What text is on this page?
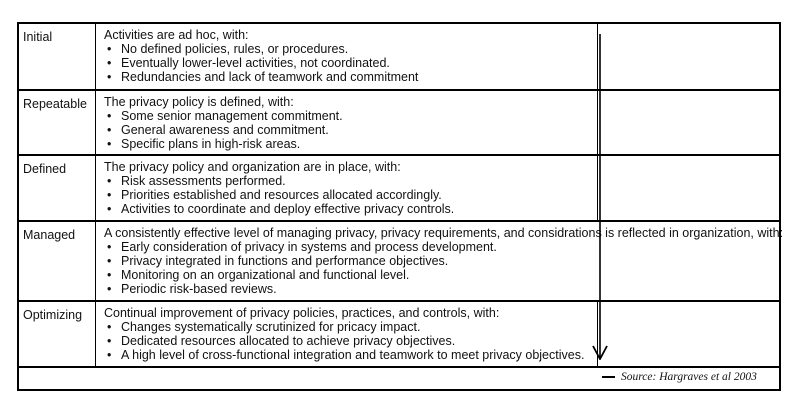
Initial	Activities are ad hoc, with:
• No defined policies, rules, or procedures.
• Eventually lower-level activities, not coordinated.
• Redundancies and lack of teamwork and commitment
Repeatable The privacy policy is defined, with:
• Some senior management commitment.
• General awareness and commitment.
• Specific plans in high-risk areas.
Defined	The privacy policy and organization are in place, with:
• Risk assessments performed.
• Priorities established and resources allocated accordingly.
• Activities to coordinate and deploy effective privacy controls.
Managed A consistently effective level of managing privacy, privacy requirements, and considrations is reflected in organization, with:
• Early consideration of privacy in systems and process development.
• Privacy integrated in functions and performance objectives.
• Monitoring on an organizational and functional level.
• Periodic risk-based reviews.
Optimizing Continual improvement of privacy policies, practices, and controls, with:
• Changes systematically scrutinized for pricacy impact.
• Dedicated resources allocated to achieve privacy objectives.
• A high level of cross-functional integration and teamwork to meet privacy objectives.
Source: Hargraves et al 2003
